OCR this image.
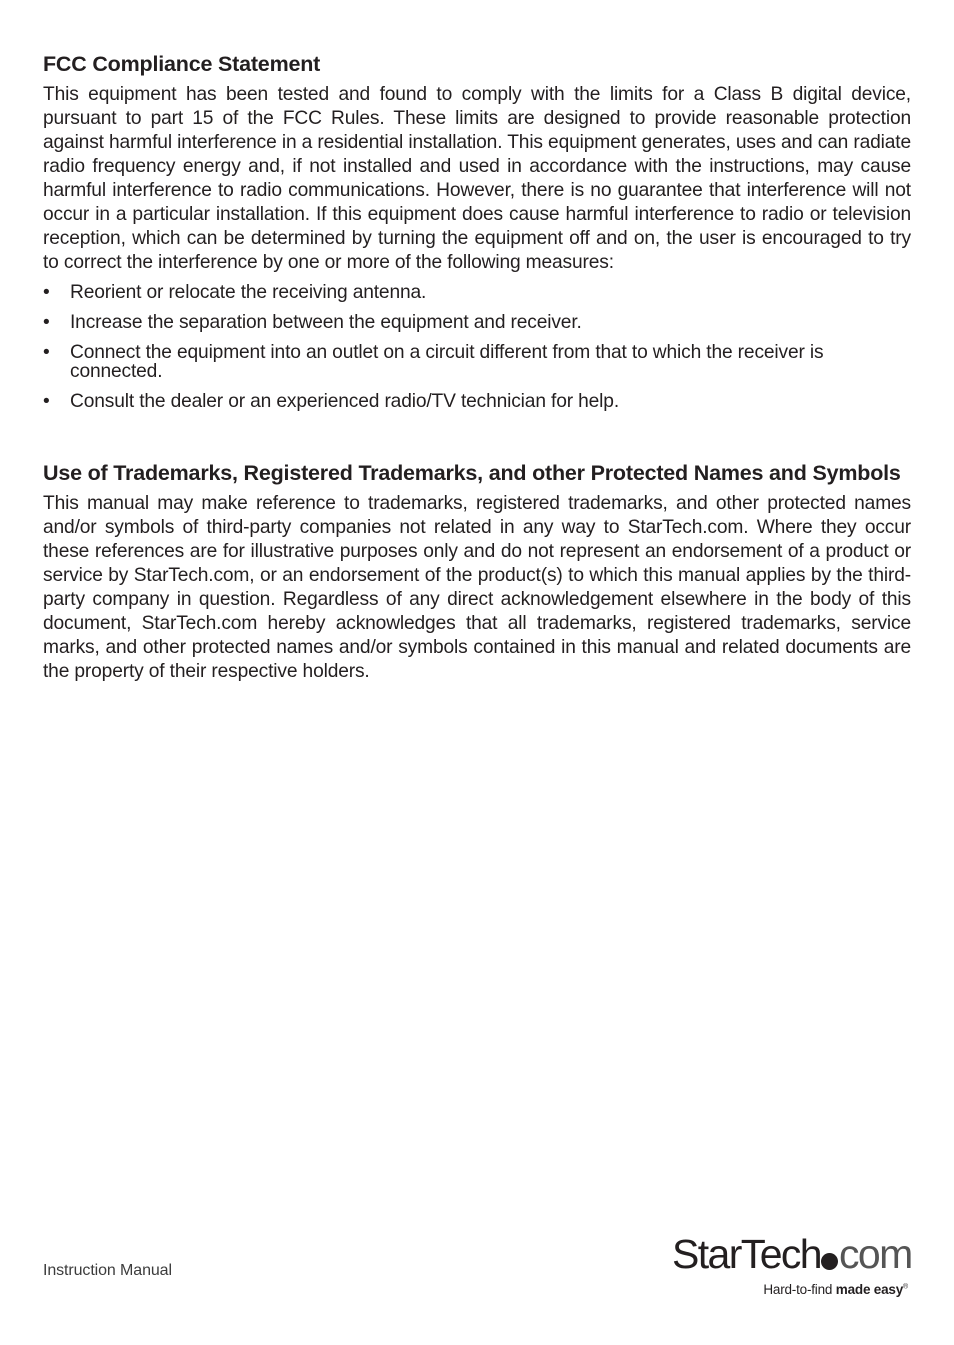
FCC Compliance Statement

This equipment has been tested and found to comply with the limits for a Class B digital device, pursuant to part 15 of the FCC Rules. These limits are designed to provide reasonable protection against harmful interference in a residential installation. This equipment generates, uses and can radiate radio frequency energy and, if not installed and used in accordance with the instructions, may cause harmful interference to radio communications. However, there is no guarantee that interference will not occur in a particular installation. If this equipment does cause harmful interference to radio or television reception, which can be determined by turning the equipment off and on, the user is encouraged to try to correct the interference by one or more of the following measures:

• Reorient or relocate the receiving antenna.
• Increase the separation between the equipment and receiver.
• Connect the equipment into an outlet on a circuit different from that to which the receiver is connected.
• Consult the dealer or an experienced radio/TV technician for help.
Use of Trademarks, Registered Trademarks, and other Protected Names and Symbols

This manual may make reference to trademarks, registered trademarks, and other protected names and/or symbols of third-party companies not related in any way to StarTech.com. Where they occur these references are for illustrative purposes only and do not represent an endorsement of a product or service by StarTech.com, or an endorsement of the product(s) to which this manual applies by the third-party company in question. Regardless of any direct acknowledgement elsewhere in the body of this document, StarTech.com hereby acknowledges that all trademarks, registered trademarks, service marks, and other protected names and/or symbols contained in this manual and related documents are the property of their respective holders.

Instruction Manual	StarTech com
Hard-to-find made easy®
